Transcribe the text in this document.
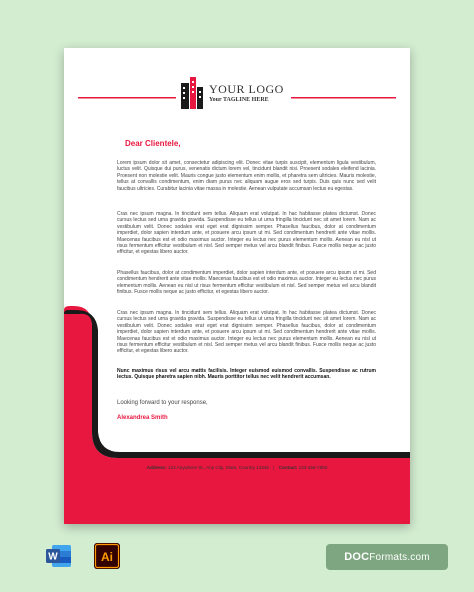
YOUR LOGO
Your TAGLINE HERE
Dear Clientele,

Lorem ipsum dolor sit amet, consectetur adipiscing elit. Donec vitae turpis suscipit, elementum ligula vestibulum, luctus velit. Quisque dui purus, venenatis dictum lorem vel, tincidunt blandit nisi. Proesent sodales eleifend lacinia. Proesent non molestie velit. Mauris congue justo elementum enim mollis, et pharetra sem ultricies. Mauris molestie, tellus at convallis condimentum, enim diam purus nec aliquam augue eros sed turpis. Duis quis nunc sed velit faucibus ultricies. Curabitur lacinia vitae massa in molestie. Aenean vulputate accumsan lectus eu egestas.

Cras nec ipsum magna. In tincidunt sem tellus. Aliquam erat volutpat. In hac habitasse platea dictumst. Donec cursus lectus sed urna gravida gravida. Suspendisse eu tellus ut urna fringilla tincidunt nec sit amet lorem. Nam ac vestibulum velit. Donec sodales erat eget erat dignissim semper. Phasellus faucibus, dolor at condimentum imperdiet, dolor sapien interdum ante, et posuere arcu ipsum ut mi. Sed condimentum hendrerit ante vitae mollis. Maecenas faucibus est et odio maximus auctor. Integer eu lectus nec purus elementum mollis. Aenean eu nisl ut risus fermentum efficitur vestibulum et nisl. Sed semper metus vel arcu blandit finibus. Fusce mollis neque ac justo efficitur, et egestas libero auctor.

Phasellus faucibus, dolor at condimentum imperdiet, dolor sapien interdum ante, et posuere arcu ipsum ut mi. Sed condimentum hendrerit ante vitae mollis. Maecenas faucibus est et odio maximus auctor. Integer eu lectus nec purus elementum mollis. Aenean eu nisl ut risus fermentum efficitur vestibulum et nisl. Sed semper metus vel arcu blandit finibus. Fusce mollis neque ac justo efficitur, et egestas libero auctor.

Cras nec ipsum magna. In tincidunt sem tellus. Aliquam erat volutpat. In hac habitasse platea dictumst. Donec cursus lectus sed urna gravida gravida. Suspendisse eu tellus ut urna fringilla tincidunt nec sit amet lorem. Nam ac vestibulum velit. Donec sodales erat eget erat dignissim semper. Phasellus faucibus, dolor at condimentum imperdiet, dolor sapien interdum ante, et posuere arcu ipsum ut mi. Sed condimentum hendrerit ante vitae mollis. Maecenas faucibus est et odio maximus auctor. Integer eu lectus nec purus elementum mollis. Aenean eu nisl ut risus fermentum efficitur vestibulum et nisl. Sed semper metus vel arcu blandit finibus. Fusce mollis neque ac justo efficitur, et egestas libero auctor.

Nunc maximus risus vel arcu mattis facilisis. Integer euismod euismod convallis. Suspendisse ac rutrum lectus. Quisque pharetra sapien nibh. Mauris porttitor tellus nec velit hendrerit accumsan.

Looking forward to your response,
Alexandrea Smith
Address: 123 Anywhere St., Any City, State, Country 12345 | Contact: 123-456-7890
W	Ai	DOC Formats.com
